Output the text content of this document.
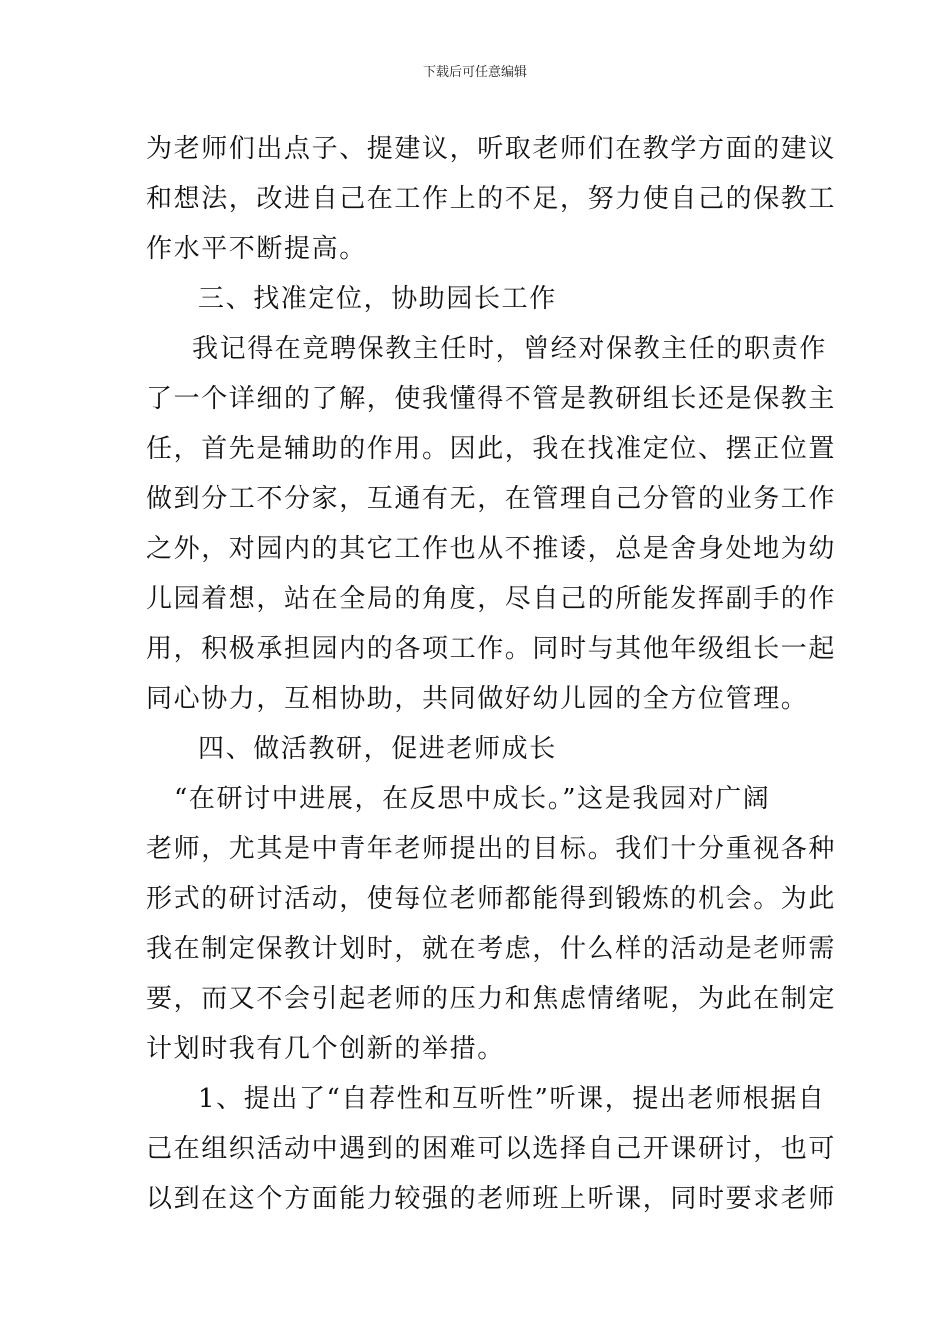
下载后可任意编辑
为老师们出点子、提建议，听取老师们在教学方面的建议
和想法，改进自己在工作上的不足，努力使自己的保教工
作水平不断提高。
三、找准定位，协助园长工作
我记得在竞聘保教主任时，曾经对保教主任的职责作
了一个详细的了解，使我懂得不管是教研组长还是保教主
任，首先是辅助的作用。因此，我在找准定位、摆正位置
做到分工不分家，互通有无，在管理自己分管的业务工作
之外，对园内的其它工作也从不推诿，总是舍身处地为幼
儿园着想，站在全局的角度，尽自己的所能发挥副手的作
用，积极承担园内的各项工作。同时与其他年级组长一起
同心协力，互相协助，共同做好幼儿园的全方位管理。
四、做活教研，促进老师成长
“在研讨中进展，在反思中成长。”这是我园对广阔
老师，尤其是中青年老师提出的目标。我们十分重视各种
形式的研讨活动，使每位老师都能得到锻炼的机会。为此
我在制定保教计划时，就在考虑，什么样的活动是老师需
要，而又不会引起老师的压力和焦虑情绪呢，为此在制定
计划时我有几个创新的举措。
1、提出了“自荐性和互听性”听课，提出老师根据自
己在组织活动中遇到的困难可以选择自己开课研讨，也可
以到在这个方面能力较强的老师班上听课，同时要求老师
